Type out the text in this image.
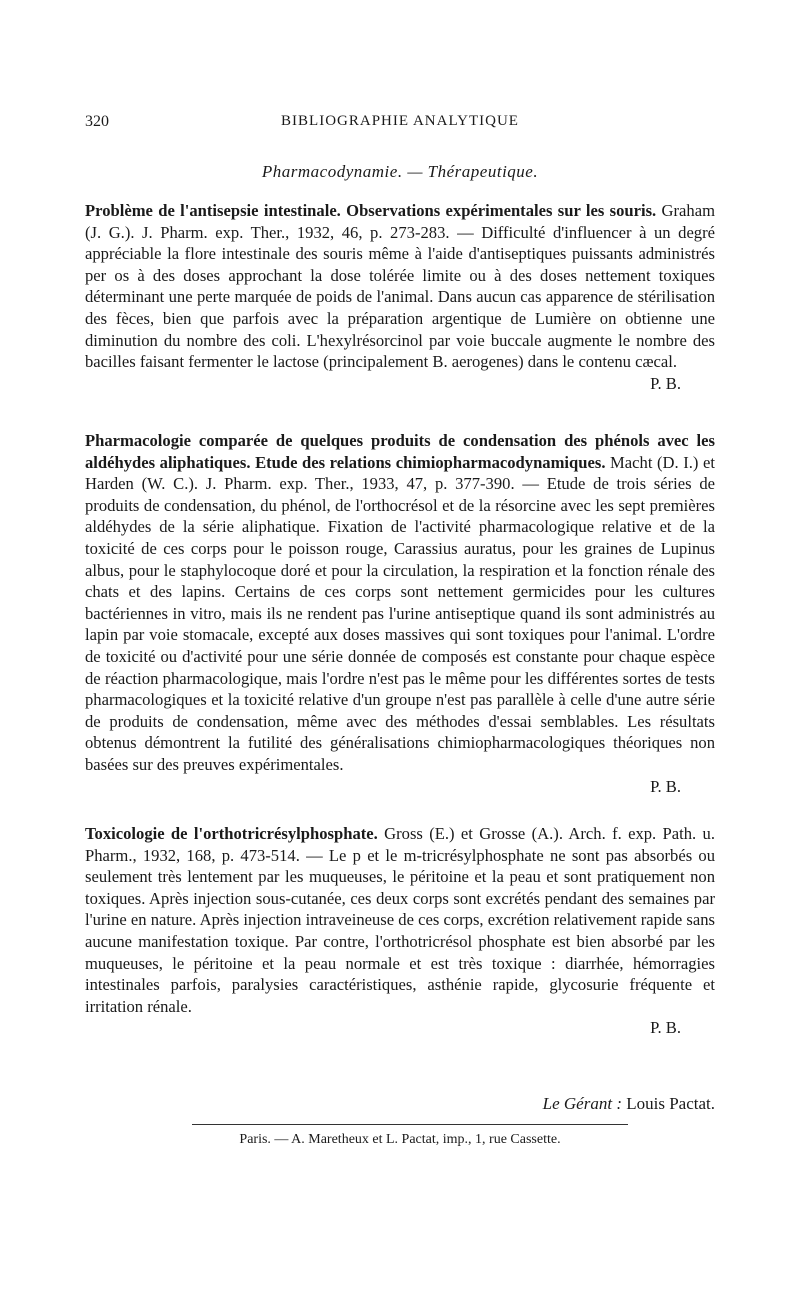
320	BIBLIOGRAPHIE ANALYTIQUE
Pharmacodynamie. — Thérapeutique.

Problème de l'antisepsie intestinale. Observations expérimentales sur les souris. Graham (J. G.). J. Pharm. exp. Ther., 1932, 46, p. 273-283. — Difficulté d'influencer à un degré appréciable la flore intestinale des souris même à l'aide d'antiseptiques puissants administrés per os à des doses approchant la dose tolérée limite ou à des doses nettement toxiques déterminant une perte marquée de poids de l'animal. Dans aucun cas apparence de stérilisation des fèces, bien que parfois avec la préparation argentique de Lumière on obtienne une diminution du nombre des coli. L'hexylrésorcinol par voie buccale augmente le nombre des bacilles faisant fermenter le lactose (principalement B. aerogenes) dans le contenu cæcal.

P. B.

Pharmacologie comparée de quelques produits de condensation des phénols avec les aldéhydes aliphatiques. Etude des relations chimiopharmacodynamiques. Macht (D. I.) et Harden (W. C.). J. Pharm. exp. Ther., 1933, 47, p. 377-390. — Etude de trois séries de produits de condensation, du phénol, de l'orthocrésol et de la résorcine avec les sept premières aldéhydes de la série aliphatique. Fixation de l'activité pharmacologique relative et de la toxicité de ces corps pour le poisson rouge, Carassius auratus, pour les graines de Lupinus albus, pour le staphylocoque doré et pour la circulation, la respiration et la fonction rénale des chats et des lapins. Certains de ces corps sont nettement germicides pour les cultures bactériennes in vitro, mais ils ne rendent pas l'urine antiseptique quand ils sont administrés au lapin par voie stomacale, excepté aux doses massives qui sont toxiques pour l'animal. L'ordre de toxicité ou d'activité pour une série donnée de composés est constante pour chaque espèce de réaction pharmacologique, mais l'ordre n'est pas le même pour les différentes sortes de tests pharmacologiques et la toxicité relative d'un groupe n'est pas parallèle à celle d'une autre série de produits de condensation, même avec des méthodes d'essai semblables. Les résultats obtenus démontrent la futilité des généralisations chimiopharmacologiques théoriques non basées sur des preuves expérimentales.

P. B.

Toxicologie de l'orthotricrésylphosphate. Gross (E.) et Grosse (A.). Arch. f. exp. Path. u. Pharm., 1932, 168, p. 473-514. — Le p et le m-tricrésylphosphate ne sont pas absorbés ou seulement très lentement par les muqueuses, le péritoine et la peau et sont pratiquement non toxiques. Après injection sous-cutanée, ces deux corps sont excrétés pendant des semaines par l'urine en nature. Après injection intraveineuse de ces corps, excrétion relativement rapide sans aucune manifestation toxique. Par contre, l'orthotricrésol phosphate est bien absorbé par les muqueuses, le péritoine et la peau normale et est très toxique : diarrhée, hémorragies intestinales parfois, paralysies caractéristiques, asthénie rapide, glycosurie fréquente et irritation rénale.

P. B.

Le Gérant : Louis Pactat.
Paris. — A. Maretheux et L. Pactat, imp., 1, rue Cassette.
